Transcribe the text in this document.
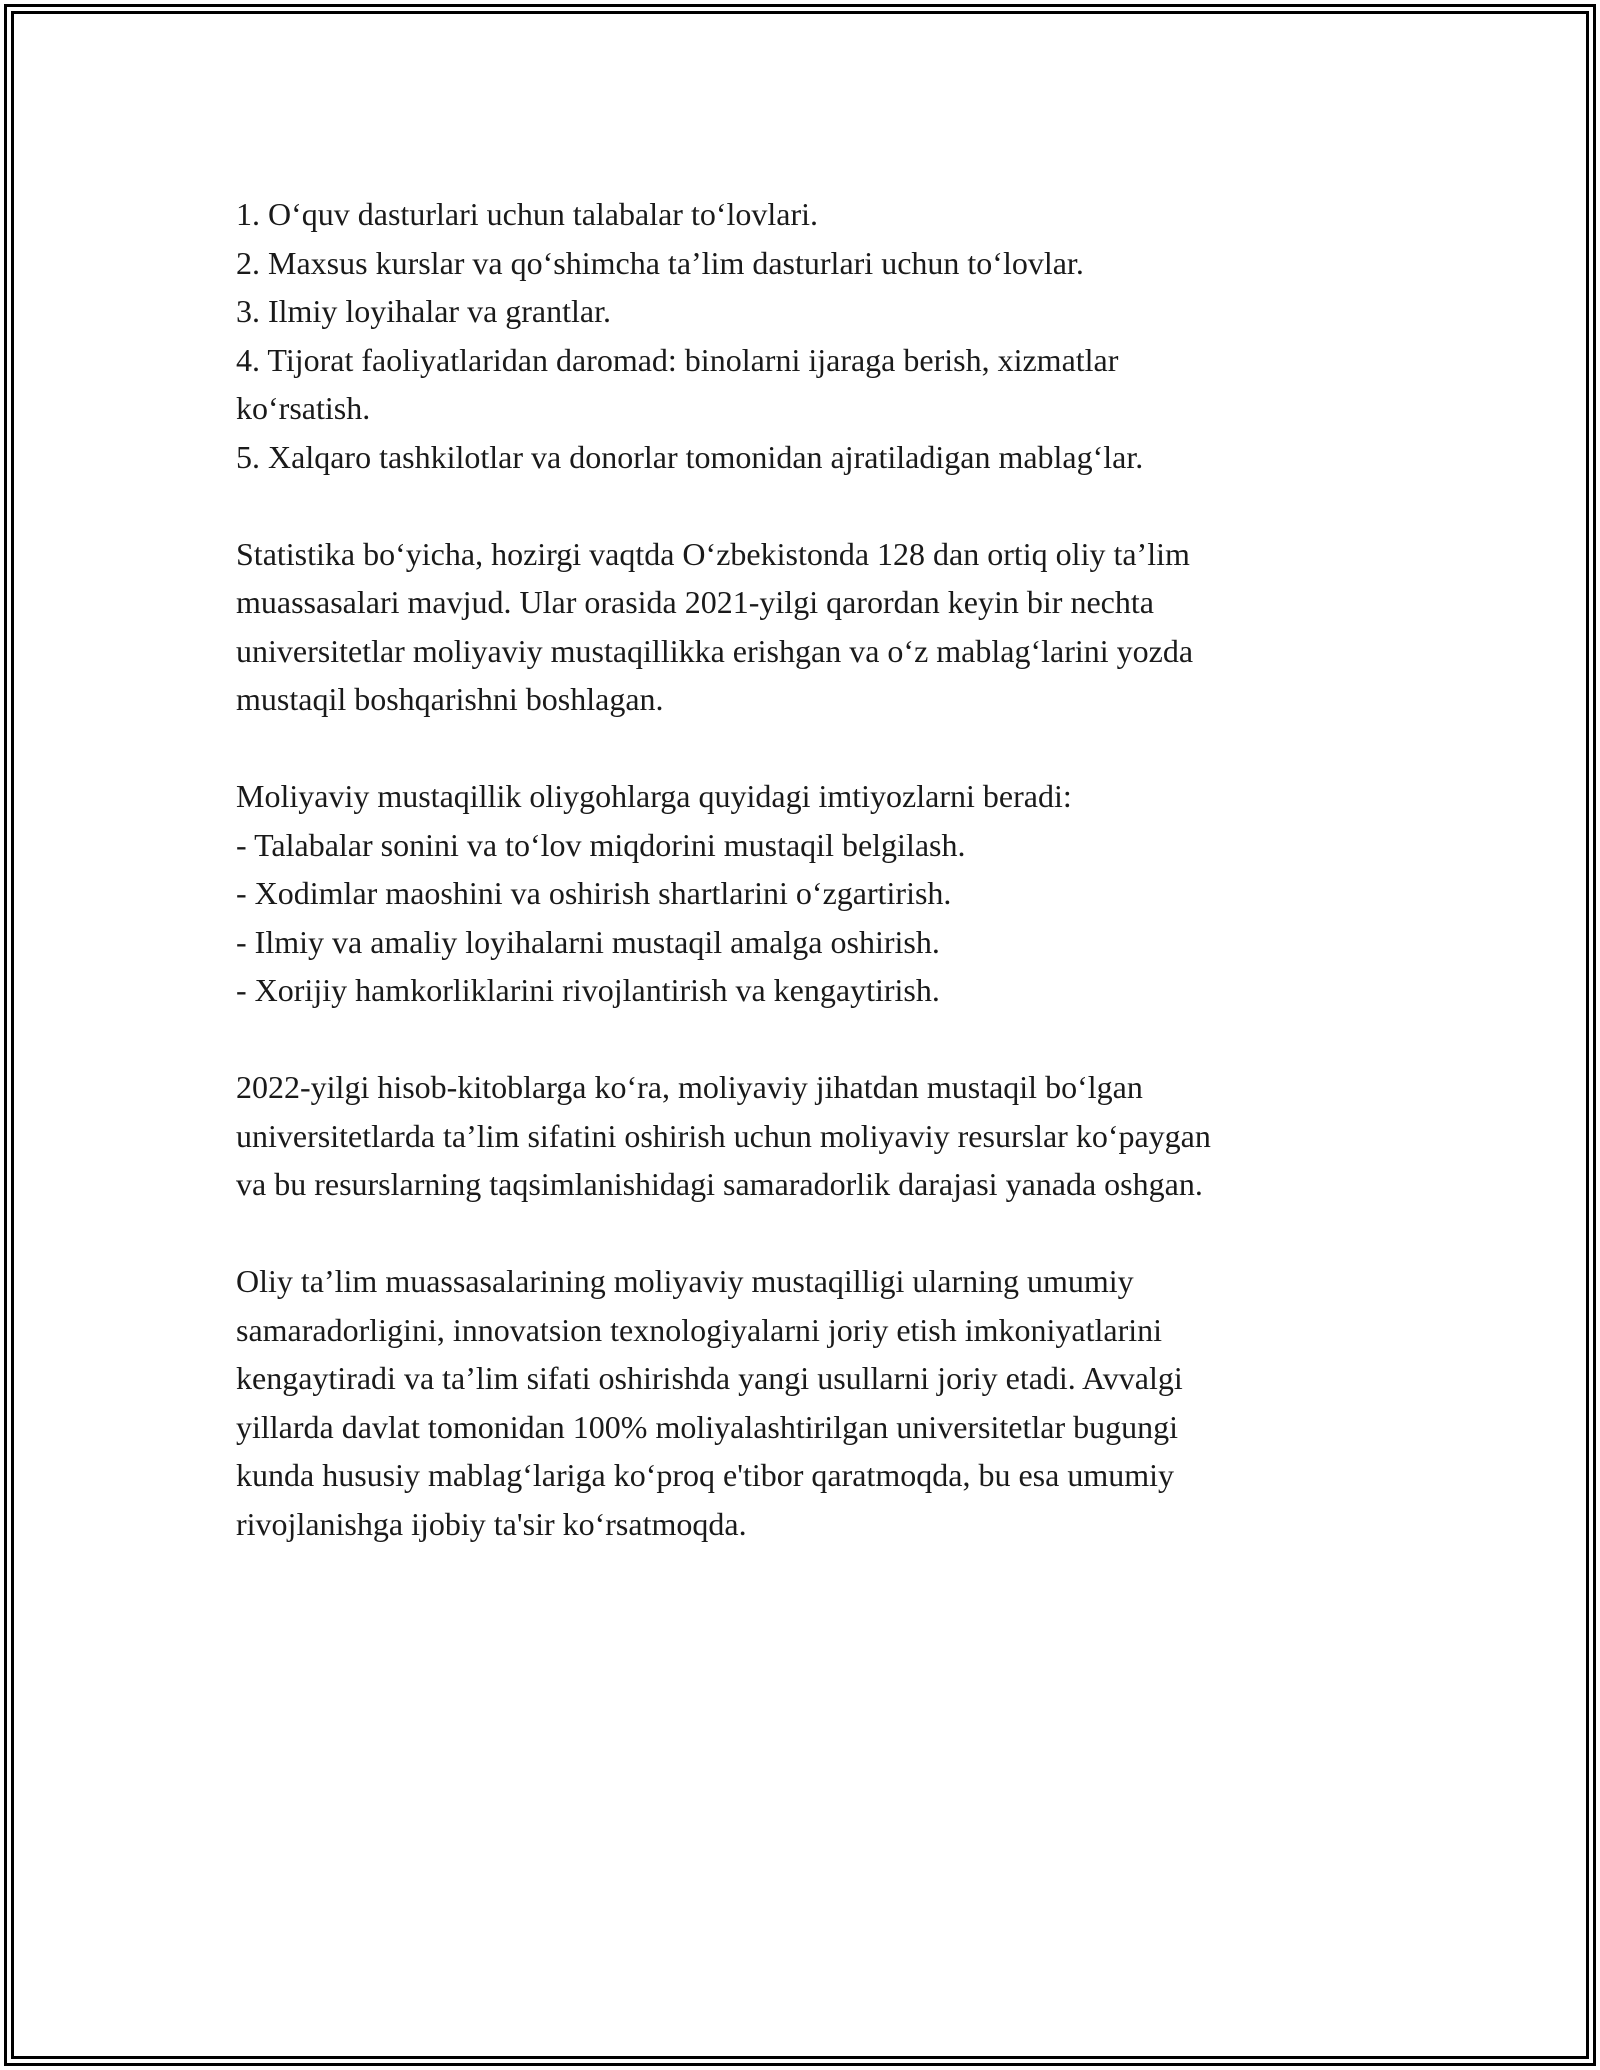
1. O‘quv dasturlari uchun talabalar to‘lovlari.
2. Maxsus kurslar va qo‘shimcha ta’lim dasturlari uchun to‘lovlar.
3. Ilmiy loyihalar va grantlar.
4. Tijorat faoliyatlaridan daromad: binolarni ijaraga berish, xizmatlar
ko‘rsatish.
5. Xalqaro tashkilotlar va donorlar tomonidan ajratiladigan mablag‘lar.
Statistika bo‘yicha, hozirgi vaqtda O‘zbekistonda 128 dan ortiq oliy ta’lim
muassasalari mavjud. Ular orasida 2021-yilgi qarordan keyin bir nechta
universitetlar moliyaviy mustaqillikka erishgan va o‘z mablag‘larini yozda
mustaqil boshqarishni boshlagan.
Moliyaviy mustaqillik oliygohlarga quyidagi imtiyozlarni beradi:
- Talabalar sonini va to‘lov miqdorini mustaqil belgilash.
- Xodimlar maoshini va oshirish shartlarini o‘zgartirish.
- Ilmiy va amaliy loyihalarni mustaqil amalga oshirish.
- Xorijiy hamkorliklarini rivojlantirish va kengaytirish.
2022-yilgi hisob-kitoblarga ko‘ra, moliyaviy jihatdan mustaqil bo‘lgan
universitetlarda ta’lim sifatini oshirish uchun moliyaviy resurslar ko‘paygan
va bu resurslarning taqsimlanishidagi samaradorlik darajasi yanada oshgan.
Oliy ta’lim muassasalarining moliyaviy mustaqilligi ularning umumiy
samaradorligini, innovatsion texnologiyalarni joriy etish imkoniyatlarini
kengaytiradi va ta’lim sifati oshirishda yangi usullarni joriy etadi. Avvalgi
yillarda davlat tomonidan 100% moliyalashtirilgan universitetlar bugungi
kunda hususiy mablag‘lariga ko‘proq e'tibor qaratmoqda, bu esa umumiy
rivojlanishga ijobiy ta'sir ko‘rsatmoqda.
